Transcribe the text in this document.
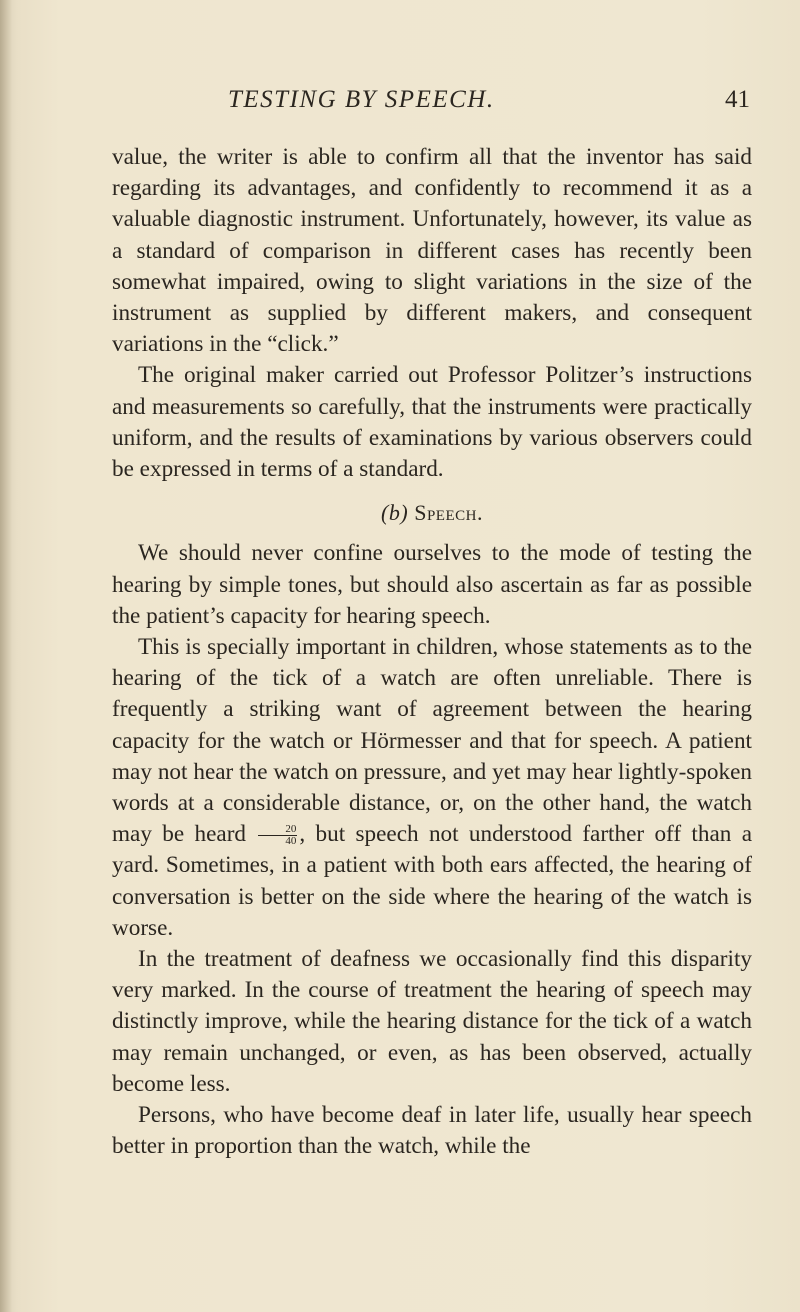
TESTING BY SPEECH.	41

value, the writer is able to confirm all that the inventor has said regarding its advantages, and confidently to recommend it as a valuable diagnostic instrument. Unfortunately, however, its value as a standard of comparison in different cases has recently been somewhat impaired, owing to slight variations in the size of the instrument as supplied by different makers, and consequent variations in the “click.”

The original maker carried out Professor Politzer’s instructions and measurements so carefully, that the instruments were practically uniform, and the results of examinations by various observers could be expressed in terms of a standard.

(b) Speech.

We should never confine ourselves to the mode of testing the hearing by simple tones, but should also ascertain as far as possible the patient’s capacity for hearing speech.

This is specially important in children, whose statements as to the hearing of the tick of a watch are often unreliable. There is frequently a striking want of agreement between the hearing capacity for the watch or Hörmesser and that for speech. A patient may not hear the watch on pressure, and yet may hear lightly-spoken words at a considerable distance, or, on the other hand, the watch may be heard $\frac{20}{40}$ , but speech not understood farther off than a yard. Sometimes, in a patient with both ears affected, the hearing of conversation is better on the side where the hearing of the watch is worse.

In the treatment of deafness we occasionally find this disparity very marked. In the course of treatment the hearing of speech may distinctly improve, while the hearing distance for the tick of a watch may remain unchanged, or even, as has been observed, actually become less.

Persons, who have become deaf in later life, usually hear speech better in proportion than the watch, while the
